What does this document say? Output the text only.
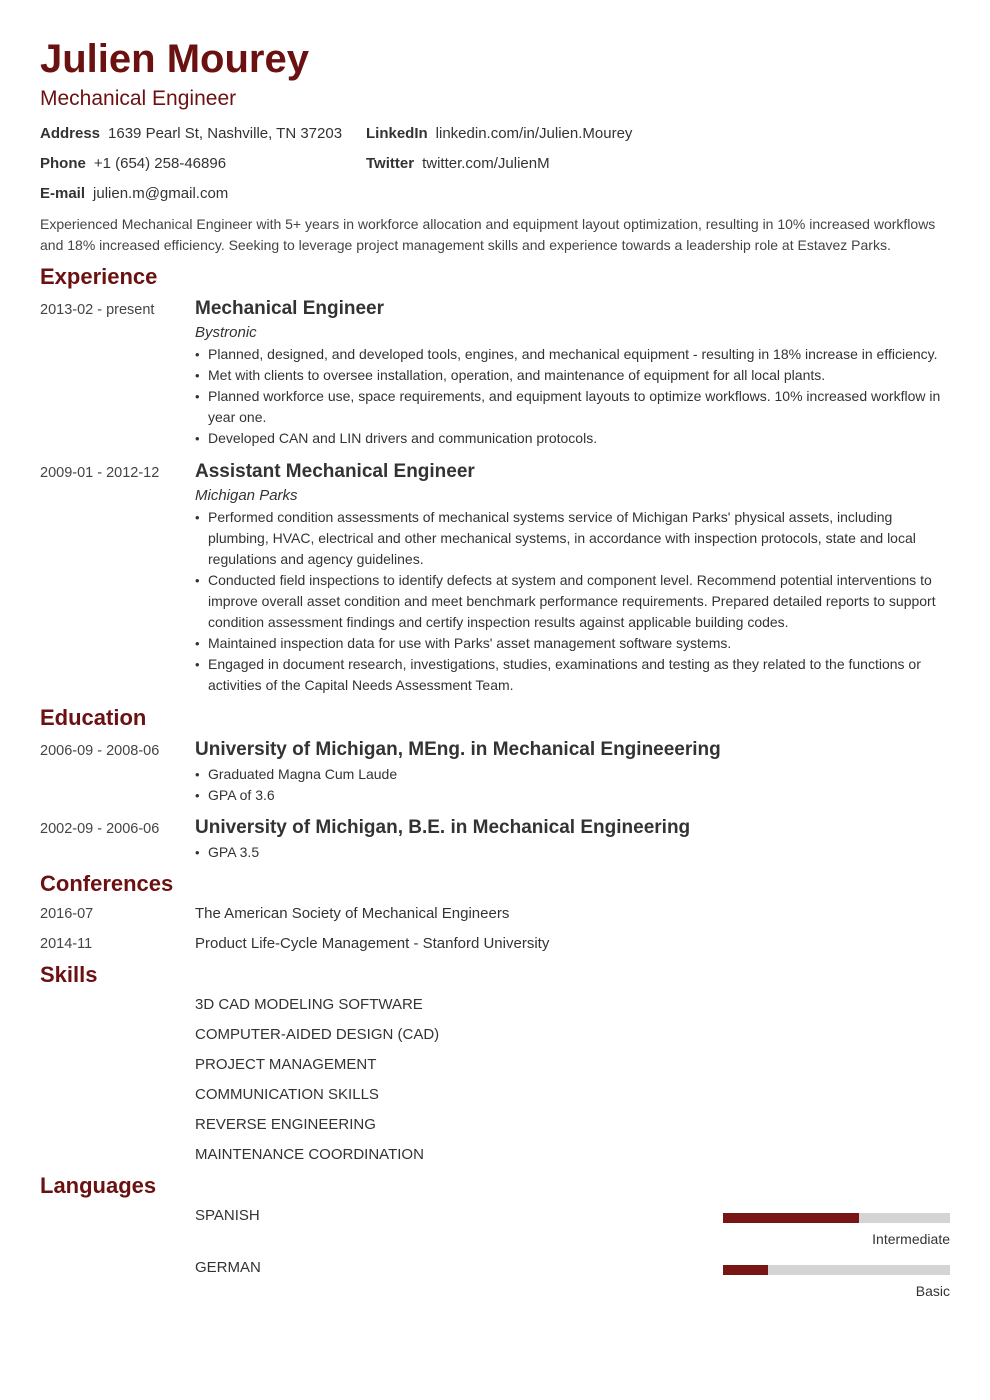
Julien Mourey
Mechanical Engineer
Address 1639 Pearl St, Nashville, TN 37203 LinkedIn linkedin.com/in/Julien.Mourey
Phone +1 (654) 258-46896	Twitter twitter.com/JulienM
E-mail julien.m@gmail.com
Experienced Mechanical Engineer with 5+ years in workforce allocation and equipment layout optimization, resulting in 10% increased workflows and 18% increased efficiency. Seeking to leverage project management skills and experience towards a leadership role at Estavez Parks.
Experience
2013-02 - present Mechanical Engineer
Bystronic
• Planned, designed, and developed tools, engines, and mechanical equipment - resulting in 18% increase in efficiency.
• Met with clients to oversee installation, operation, and maintenance of equipment for all local plants.
• Planned workforce use, space requirements, and equipment layouts to optimize workflows. 10% increased workflow in year one.
• Developed CAN and LIN drivers and communication protocols.
2009-01 - 2012-12 Assistant Mechanical Engineer
Michigan Parks
• Performed condition assessments of mechanical systems service of Michigan Parks' physical assets, including plumbing, HVAC, electrical and other mechanical systems, in accordance with inspection protocols, state and local regulations and agency guidelines.
• Conducted field inspections to identify defects at system and component level. Recommend potential interventions to improve overall asset condition and meet benchmark performance requirements. Prepared detailed reports to support condition assessment findings and certify inspection results against applicable building codes.
• Maintained inspection data for use with Parks' asset management software systems.
• Engaged in document research, investigations, studies, examinations and testing as they related to the functions or activities of the Capital Needs Assessment Team.
Education
2006-09 - 2008-06 University of Michigan, MEng. in Mechanical Engineeering
• Graduated Magna Cum Laude
• GPA of 3.6
2002-09 - 2006-06 University of Michigan, B.E. in Mechanical Engineering
• GPA 3.5
Conferences
2016-07	The American Society of Mechanical Engineers
2014-11	Product Life-Cycle Management - Stanford University
Skills
3D CAD MODELING SOFTWARE
COMPUTER-AIDED DESIGN (CAD)
PROJECT MANAGEMENT
COMMUNICATION SKILLS
REVERSE ENGINEERING
MAINTENANCE COORDINATION
Languages
SPANISH
Intermediate
GERMAN
Basic
